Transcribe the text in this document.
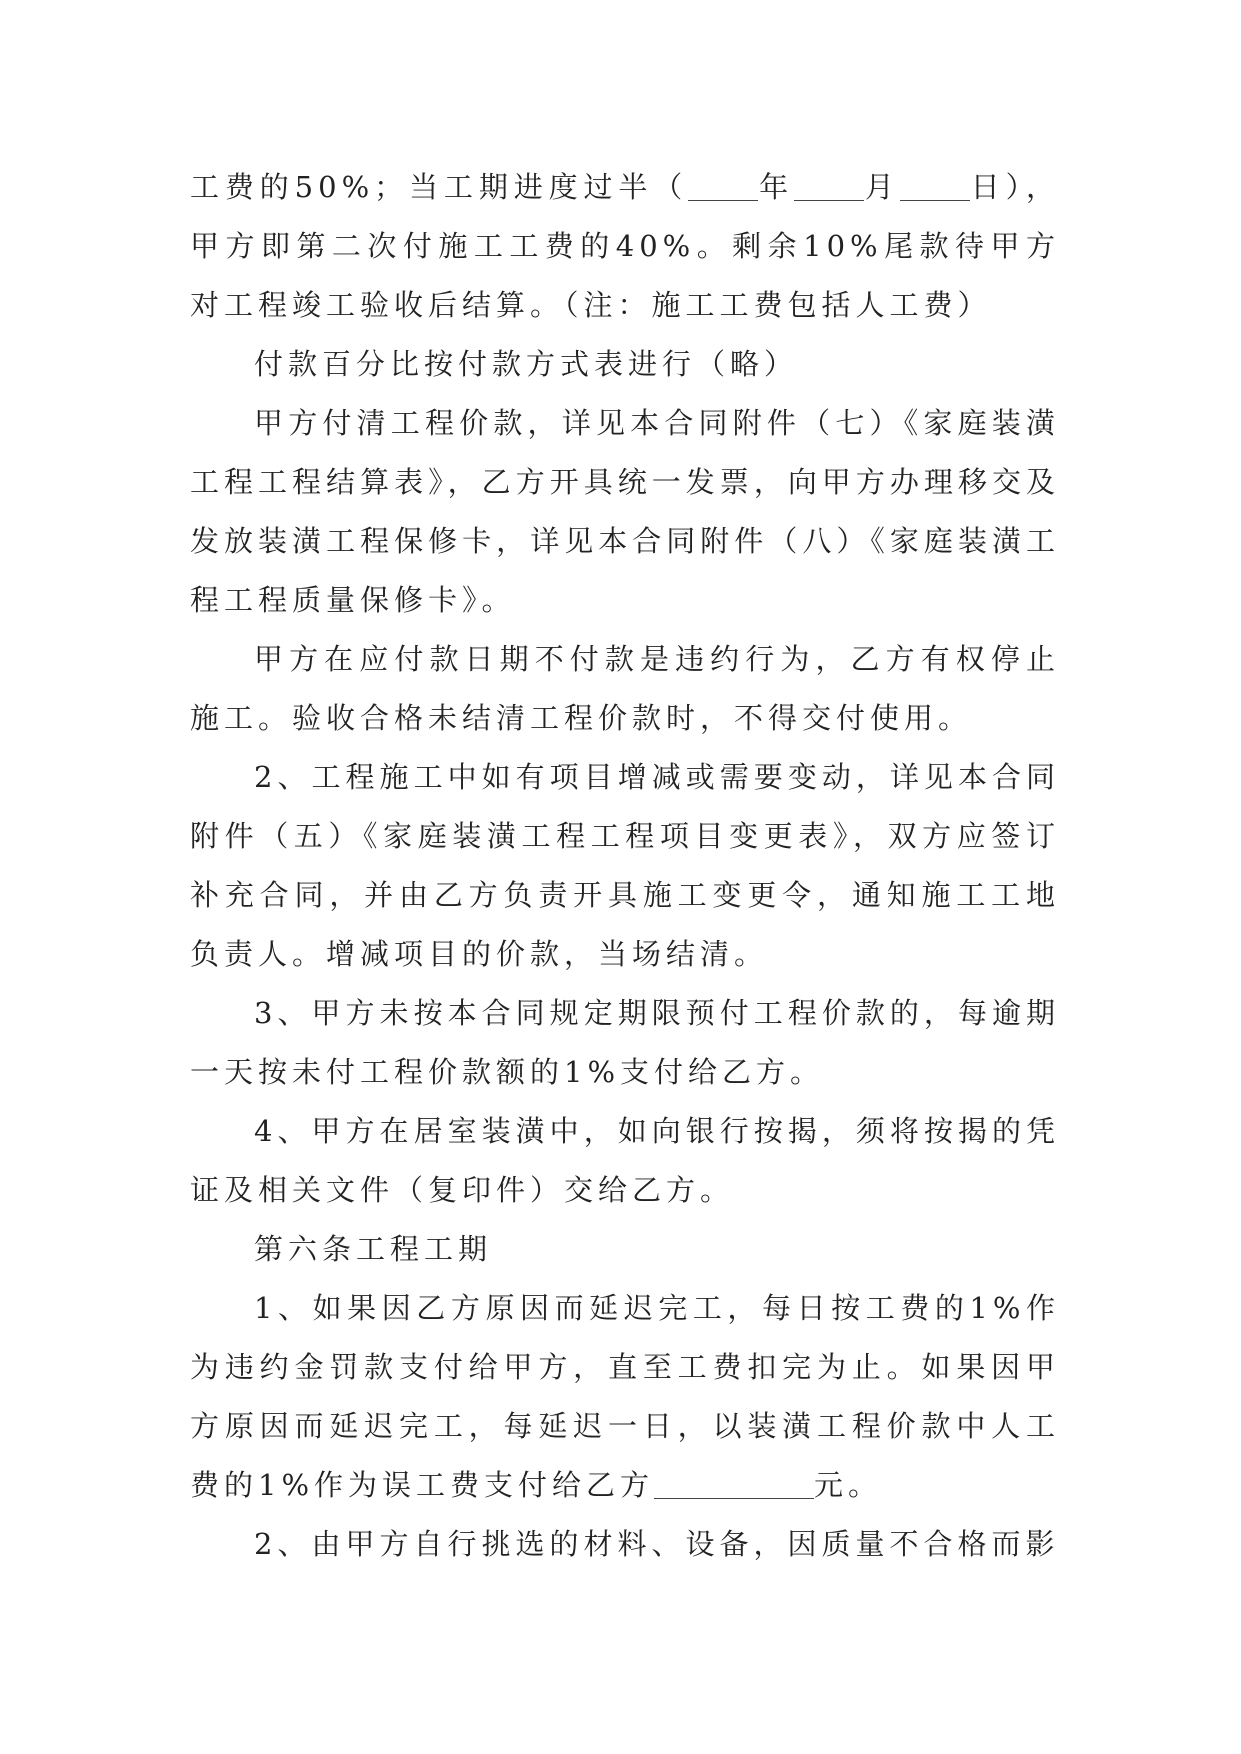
工费的50%；当工期进度过半（ 年 月 日），甲方即第二次付施工工费的40%。剩余10%尾款待甲方对工程竣工验收后结算。（注：施工工费包括人工费）

付款百分比按付款方式表进行（略）

甲方付清工程价款，详见本合同附件（七）《家庭装潢工程工程结算表》，乙方开具统一发票，向甲方办理移交及发放装潢工程保修卡，详见本合同附件（八）《家庭装潢工程工程质量保修卡》。

甲方在应付款日期不付款是违约行为，乙方有权停止施工。验收合格未结清工程价款时，不得交付使用。

2、工程施工中如有项目增减或需要变动，详见本合同附件（五）《家庭装潢工程工程项目变更表》，双方应签订补充合同，并由乙方负责开具施工变更令，通知施工工地负责人。增减项目的价款，当场结清。

3、甲方未按本合同规定期限预付工程价款的，每逾期一天按未付工程价款额的1%支付给乙方。

4、甲方在居室装潢中，如向银行按揭，须将按揭的凭证及相关文件（复印件）交给乙方。

第六条工程工期

1、如果因乙方原因而延迟完工，每日按工费的1%作为违约金罚款支付给甲方，直至工费扣完为止。如果因甲方原因而延迟完工，每延迟一日，以装潢工程价款中人工费的1%作为误工费支付给乙方	元。

2、由甲方自行挑选的材料、设备，因质量不合格而影
